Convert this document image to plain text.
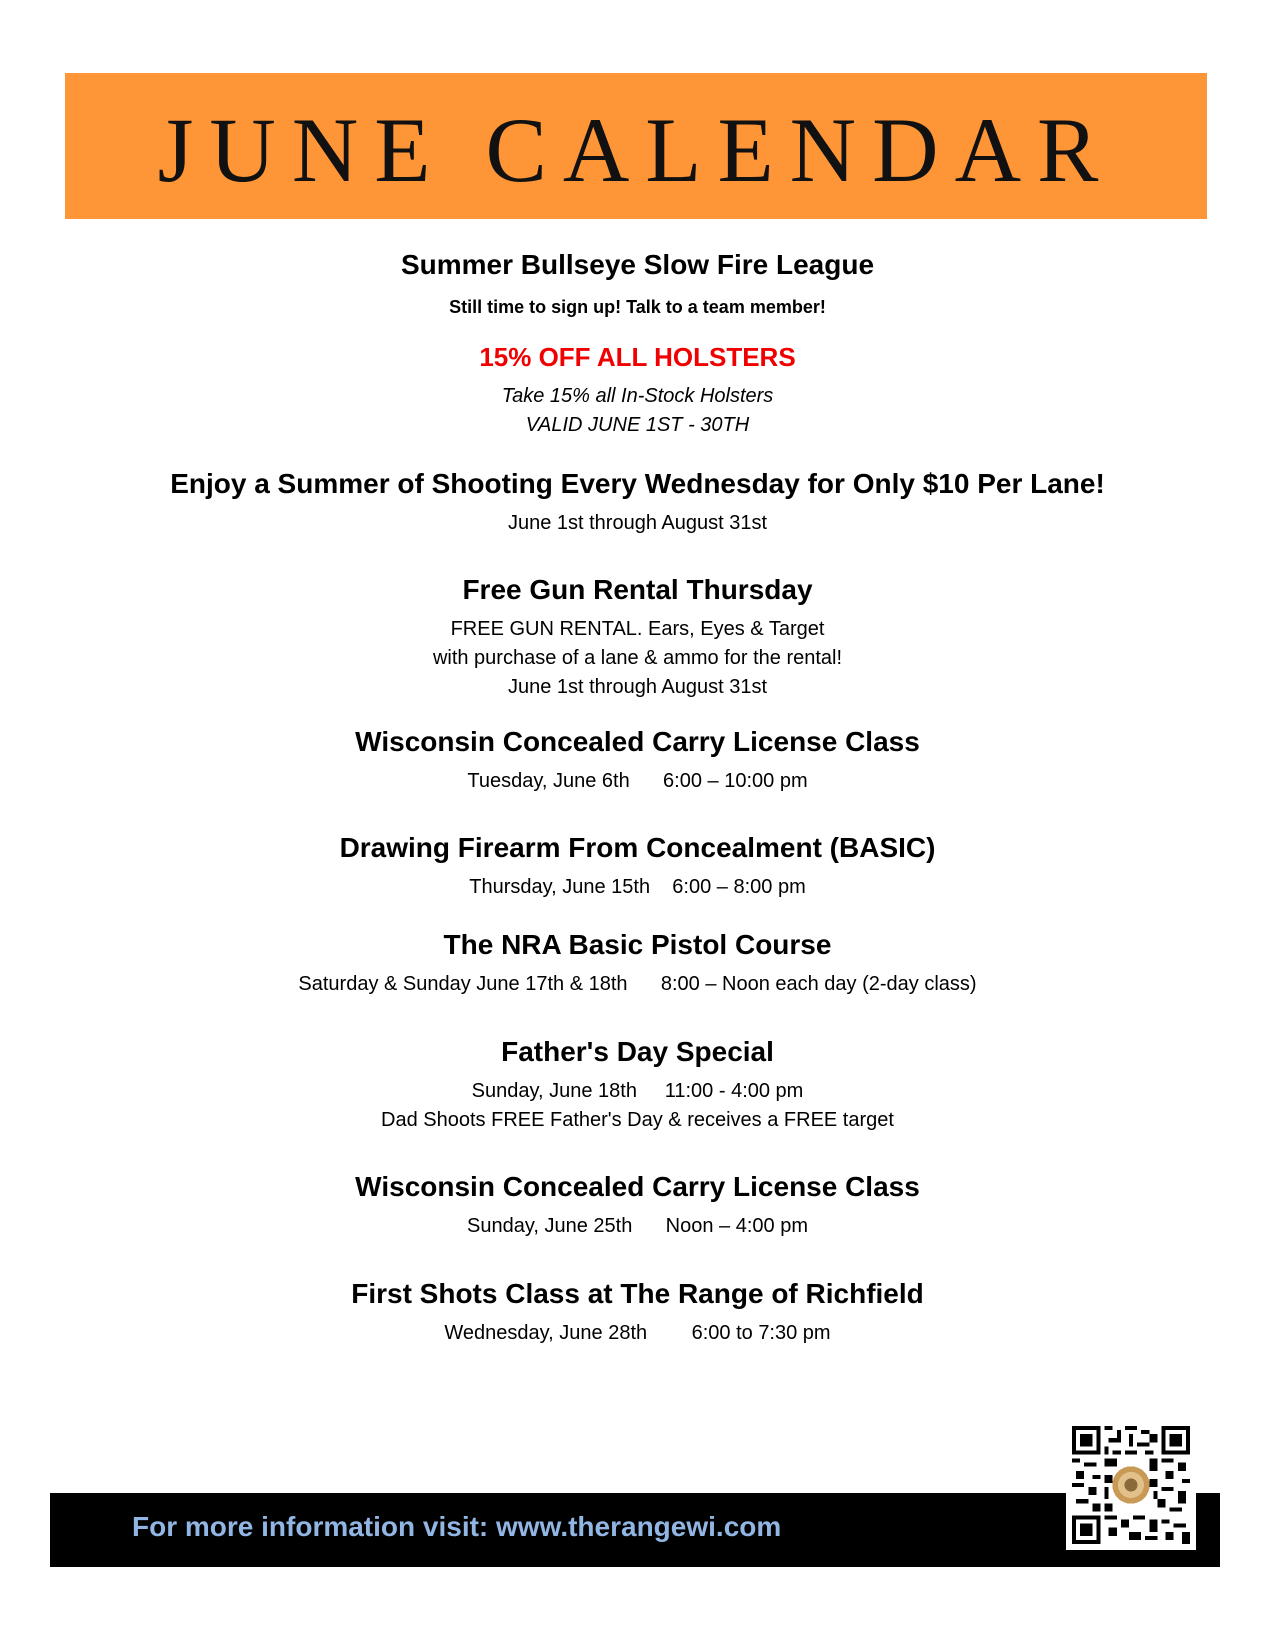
JUNE CALENDAR
Summer Bullseye Slow Fire League
Still time to sign up! Talk to a team member!
15% OFF ALL HOLSTERS
Take 15% all In-Stock Holsters
VALID JUNE 1ST - 30TH
Enjoy a Summer of Shooting Every Wednesday for Only $10 Per Lane!
June 1st through August 31st
Free Gun Rental Thursday
FREE GUN RENTAL. Ears, Eyes & Target
with purchase of a lane & ammo for the rental!
June 1st through August 31st
Wisconsin Concealed Carry License Class
Tuesday, June 6th      6:00 – 10:00 pm
Drawing Firearm From Concealment (BASIC)
Thursday, June 15th    6:00 – 8:00 pm
The NRA Basic Pistol Course
Saturday & Sunday June 17th & 18th      8:00 – Noon each day (2-day class)
Father's Day Special
Sunday, June 18th     11:00 - 4:00 pm
Dad Shoots FREE Father's Day & receives a FREE target
Wisconsin Concealed Carry License Class
Sunday, June 25th      Noon – 4:00 pm
First Shots Class at The Range of Richfield
Wednesday, June 28th        6:00 to 7:30 pm
For more information visit: www.therangewi.com
